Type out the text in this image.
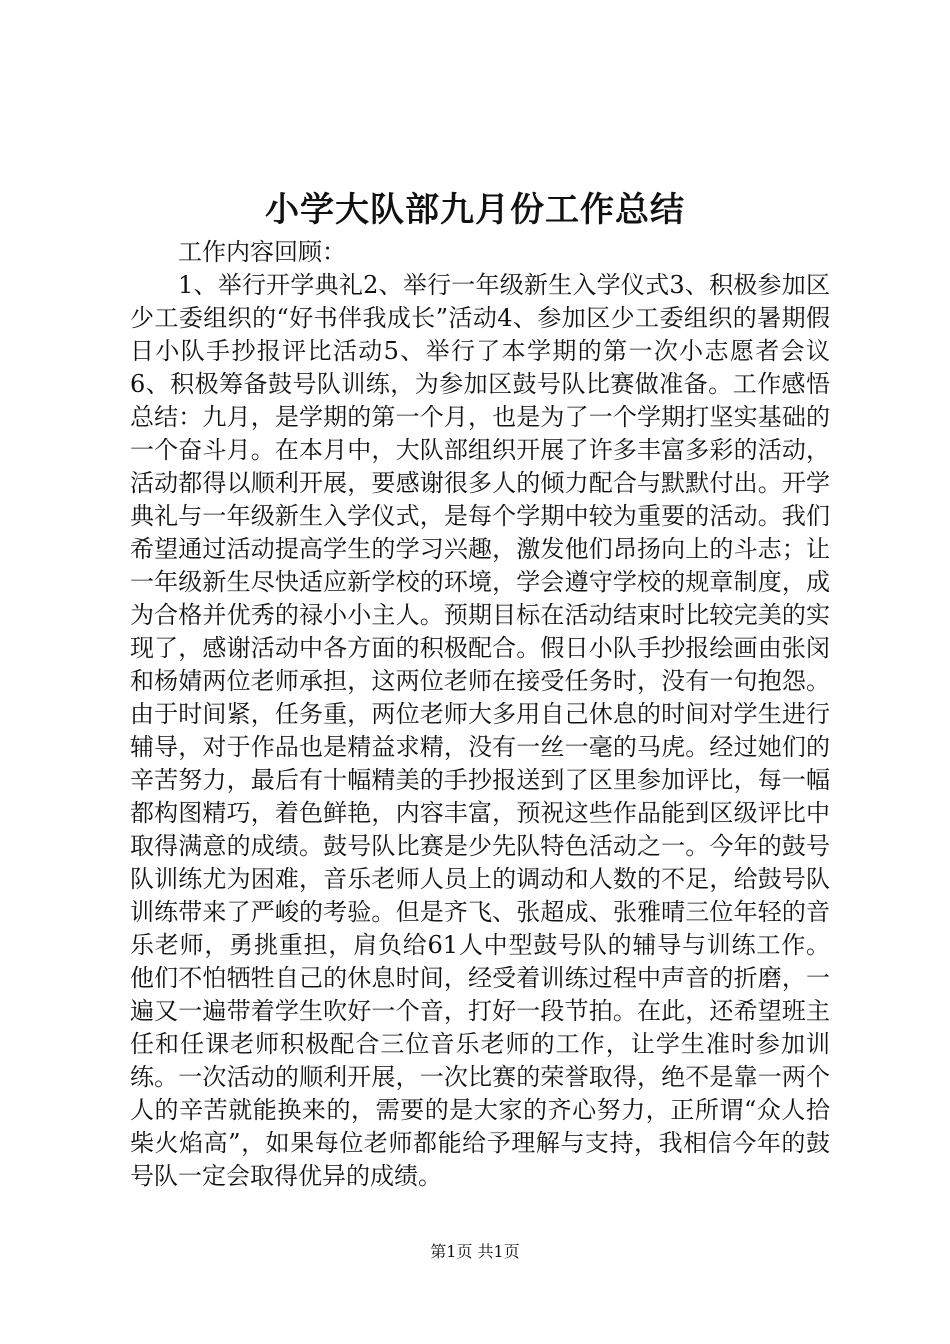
小学大队部九月份工作总结

工作内容回顾：

1、举行开学典礼2、举行一年级新生入学仪式3、积极参加区少工委组织的“好书伴我成长”活动4、参加区少工委组织的暑期假日小队手抄报评比活动5、举行了本学期的第一次小志愿者会议6、积极筹备鼓号队训练，为参加区鼓号队比赛做准备。工作感悟总结：九月，是学期的第一个月，也是为了一个学期打坚实基础的一个奋斗月。在本月中，大队部组织开展了许多丰富多彩的活动，活动都得以顺利开展，要感谢很多人的倾力配合与默默付出。开学典礼与一年级新生入学仪式，是每个学期中较为重要的活动。我们希望通过活动提高学生的学习兴趣，激发他们昂扬向上的斗志；让一年级新生尽快适应新学校的环境，学会遵守学校的规章制度，成为合格并优秀的禄小小主人。预期目标在活动结束时比较完美的实现了，感谢活动中各方面的积极配合。假日小队手抄报绘画由张闵和杨婧两位老师承担，这两位老师在接受任务时，没有一句抱怨。由于时间紧，任务重，两位老师大多用自己休息的时间对学生进行辅导，对于作品也是精益求精，没有一丝一毫的马虎。经过她们的辛苦努力，最后有十幅精美的手抄报送到了区里参加评比，每一幅都构图精巧，着色鲜艳，内容丰富，预祝这些作品能到区级评比中取得满意的成绩。鼓号队比赛是少先队特色活动之一。今年的鼓号队训练尤为困难，音乐老师人员上的调动和人数的不足，给鼓号队训练带来了严峻的考验。但是齐飞、张超成、张雅晴三位年轻的音乐老师，勇挑重担，肩负给61人中型鼓号队的辅导与训练工作。他们不怕牺牲自己的休息时间，经受着训练过程中声音的折磨，一遍又一遍带着学生吹好一个音，打好一段节拍。在此，还希望班主任和任课老师积极配合三位音乐老师的工作，让学生准时参加训练。一次活动的顺利开展，一次比赛的荣誉取得，绝不是靠一两个人的辛苦就能换来的，需要的是大家的齐心努力，正所谓“众人拾柴火焰高”，如果每位老师都能给予理解与支持，我相信今年的鼓号队一定会取得优异的成绩。

第1页 共1页
